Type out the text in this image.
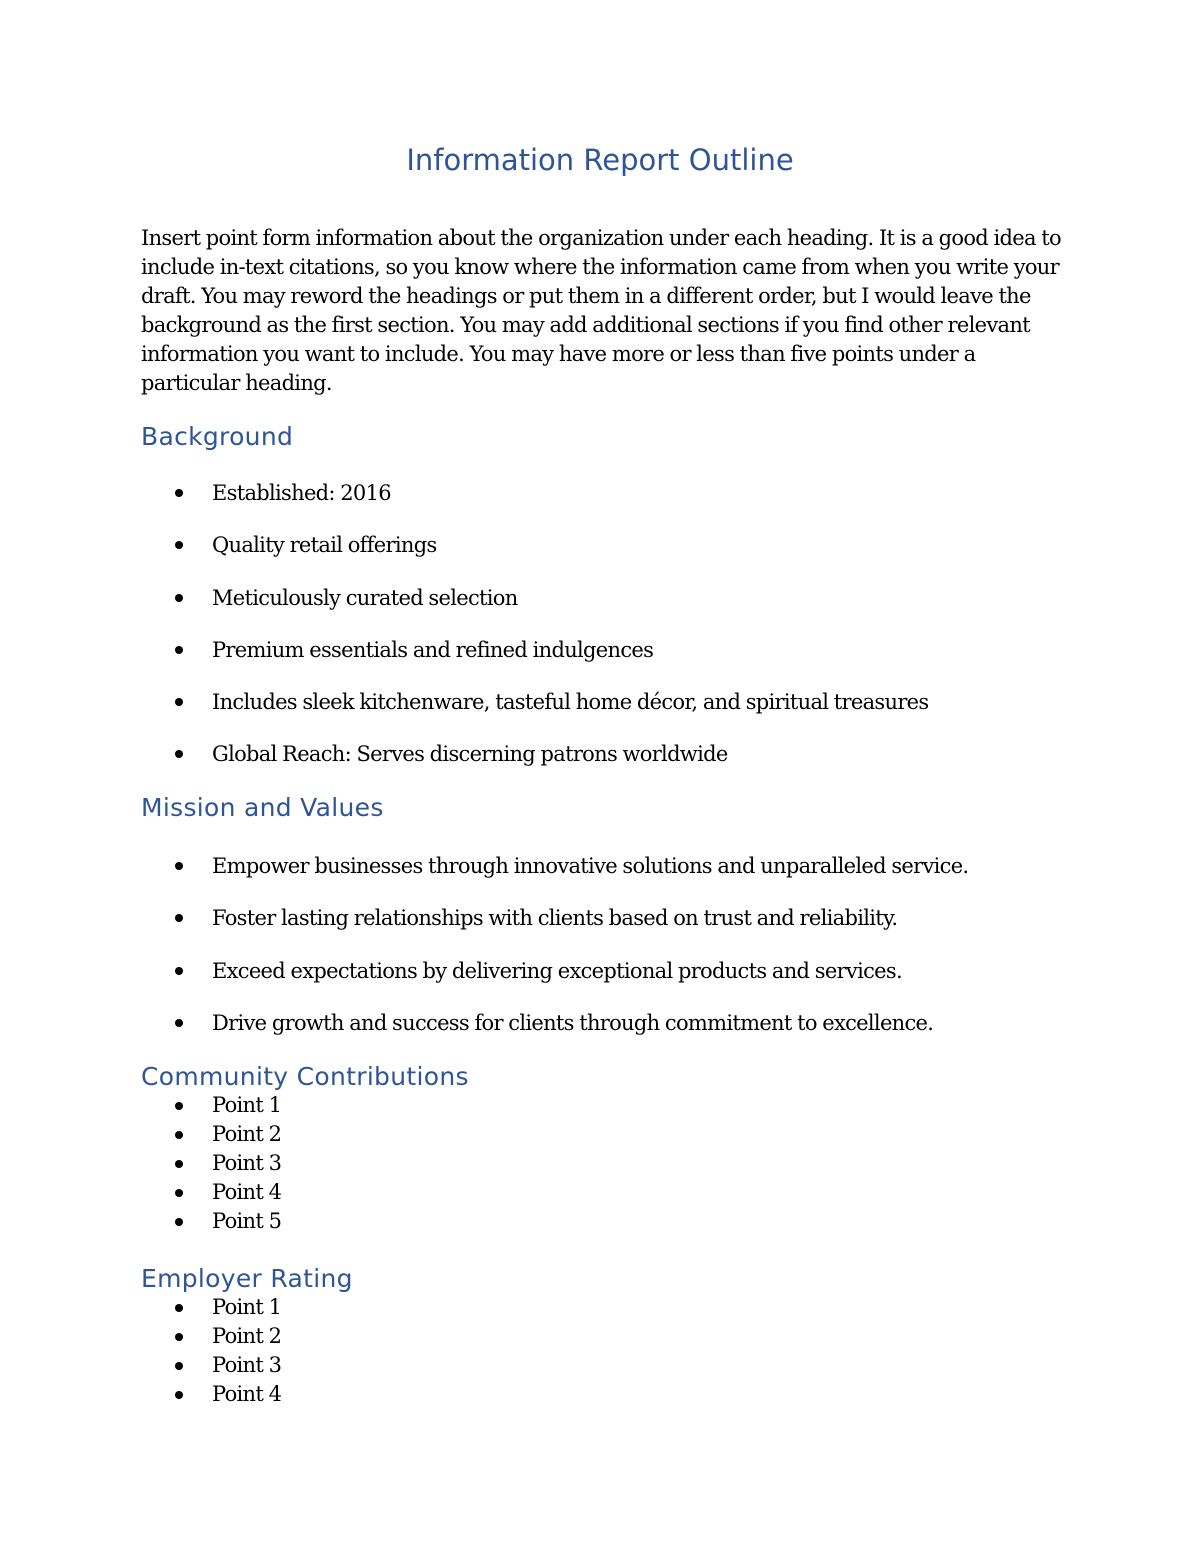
Information Report Outline

Insert point form information about the organization under each heading. It is a good idea to include in-text citations, so you know where the information came from when you write your draft. You may reword the headings or put them in a different order, but I would leave the background as the first section. You may add additional sections if you find other relevant information you want to include. You may have more or less than five points under a particular heading.

Background
Established: 2016
Quality retail offerings
Meticulously curated selection
Premium essentials and refined indulgences
Includes sleek kitchenware, tasteful home décor, and spiritual treasures
Global Reach: Serves discerning patrons worldwide
Mission and Values
Empower businesses through innovative solutions and unparalleled service.
Foster lasting relationships with clients based on trust and reliability.
Exceed expectations by delivering exceptional products and services.
Drive growth and success for clients through commitment to excellence.
Community Contributions
Point 1
Point 2
Point 3
Point 4
Point 5
Employer Rating
Point 1
Point 2
Point 3
Point 4
